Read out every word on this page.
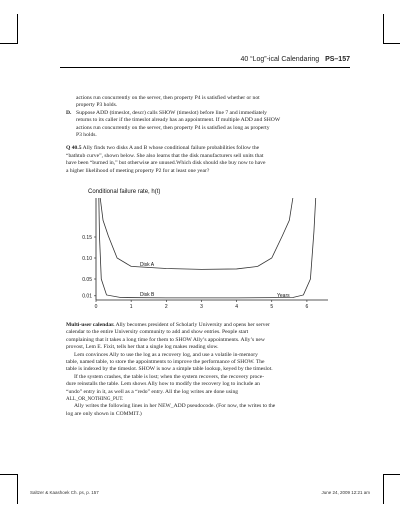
40 “Log”-ical Calendaring PS–157

actions run concurrently on the server, then property P4 is satisfied whether or not

property P3 holds.

D. Suppose ADD (timeslot, descr) calls SHOW (timeslot) before line 7 and immediately

returns to its caller if the timeslot already has an appointment. If multiple ADD and SHOW

actions run concurrently on the server, then property P4 is satisfied as long as property

P3 holds.

Q 40.5 Ally finds two disks A and B whose conditional failure probabilities follow the

“bathtub curve”, shown below. She also learns that the disk manufacturers sell units that

have been “burned in,” but otherwise are unused.Which disk should she buy now to have

a higher likelihood of meeting property P2 for at least one year?

Conditional failure rate, h(t)
0.01
0.05
0.10
0.15
0	1	2	3	4	5	6
Years
Disk A
Disk B

Multi-user calendar. Ally becomes president of Scholarly University and opens her server

calendar to the entire University community to add and show entries. People start

complaining that it takes a long time for them to SHOW Ally’s appointments. Ally’s new

provost, Lem E. Fixit, tells her that a single log makes reading slow.

Lem convinces Ally to use the log as a recovery log, and use a volatile in-memory

table, named table, to store the appointments to improve the performance of SHOW. The

table is indexed by the timeslot. SHOW is now a simple table lookup, keyed by the timeslot.

If the system crashes, the table is lost; when the system recovers, the recovery proce-

dure reinstalls the table. Lem shows Ally how to modify the recovery log to include an

“undo” entry in it, as well as a “redo” entry. All the log writes are done using

ALL_OR_NOTHING_PUT.

Ally writes the following lines in her NEW_ADD pseudocode. (For now, the writes to the

log are only shown in COMMIT.)

Saltzer & Kaashoek Ch. ps, p. 157	June 24, 2009 12:21 am
